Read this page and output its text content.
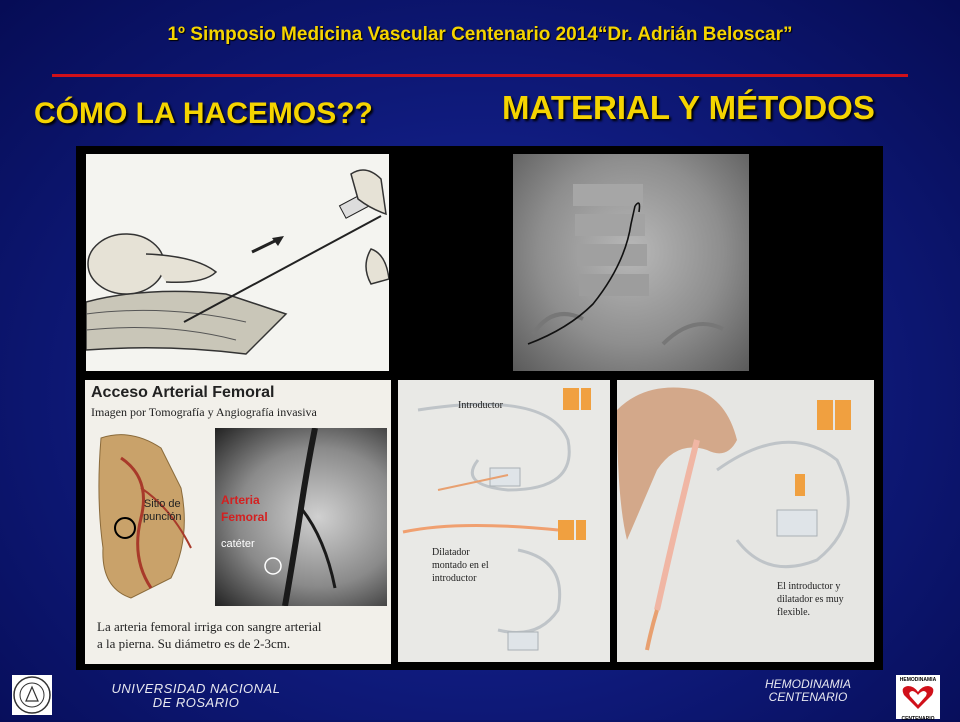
1º Simposio Medicina Vascular Centenario 2014“Dr. Adrián Beloscar”
CÓMO LA HACEMOS??	MATERIAL Y MÉTODOS
Acceso Arterial Femoral
Imagen por Tomografía y Angiografía invasiva
Sitio de
punción
Arteria
Femoral
catéter
La arteria femoral irriga con sangre arterial
a la pierna. Su diámetro es de 2-3cm.
Introductor
Dilatador
montado en el
introductor
El introductor y
dilatador es muy
flexible.
UNIVERSIDAD NACIONAL
DE ROSARIO
HEMODINAMIA
CENTENARIO
HEMODINAMIA
CENTENARIO
